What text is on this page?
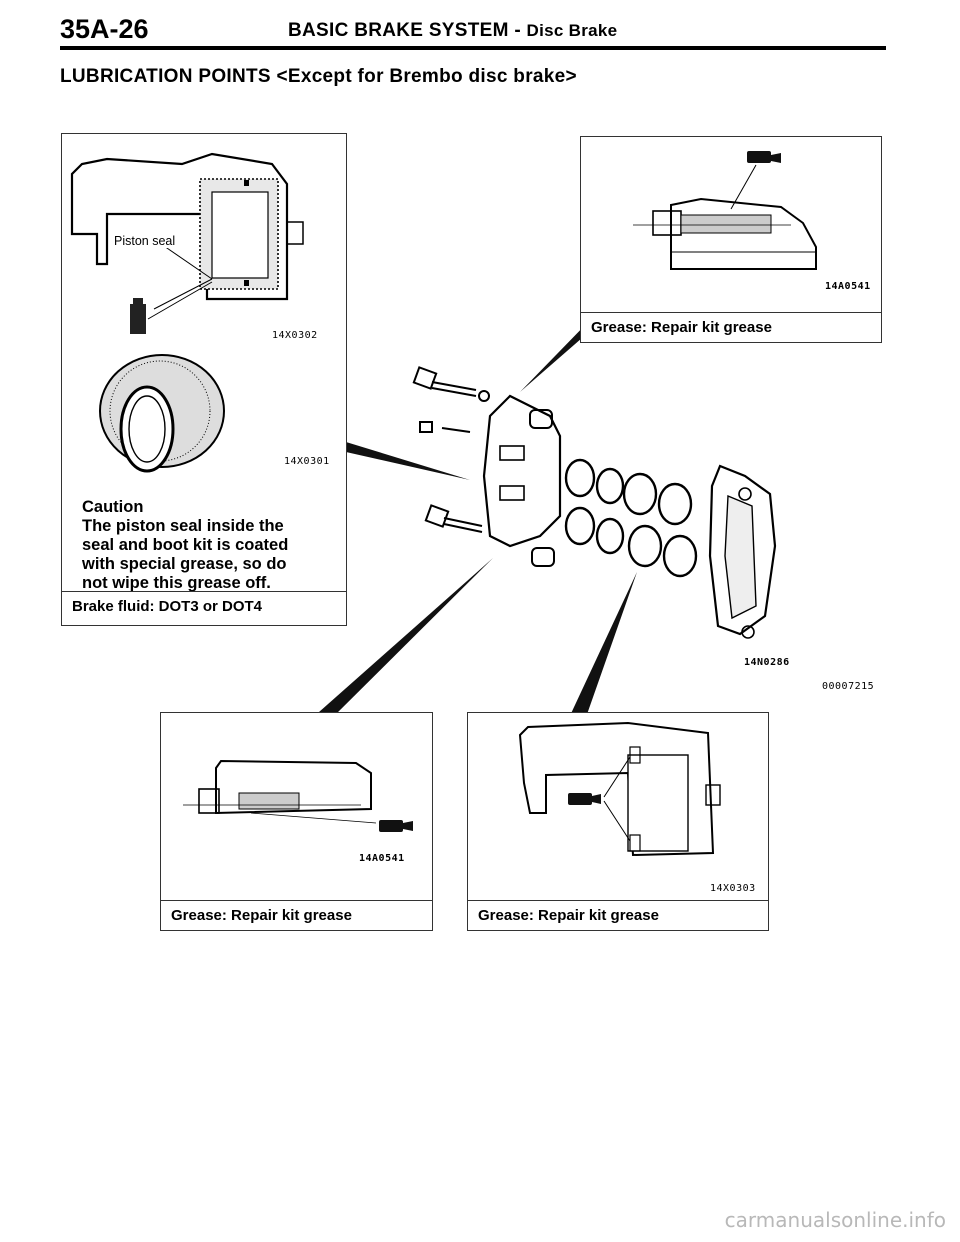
35A-26	BASIC BRAKE SYSTEM - Disc Brake
LUBRICATION POINTS <Except for Brembo disc brake>
Piston seal
14X0302
14X0301
Caution
The piston seal inside the
seal and boot kit is coated
with special grease, so do
not wipe this grease off.
Brake fluid: DOT3 or DOT4
14A0541
Grease: Repair kit grease
14N0286
00007215
14A0541
Grease: Repair kit grease
14X0303
Grease: Repair kit grease
carmanualsonline.info
